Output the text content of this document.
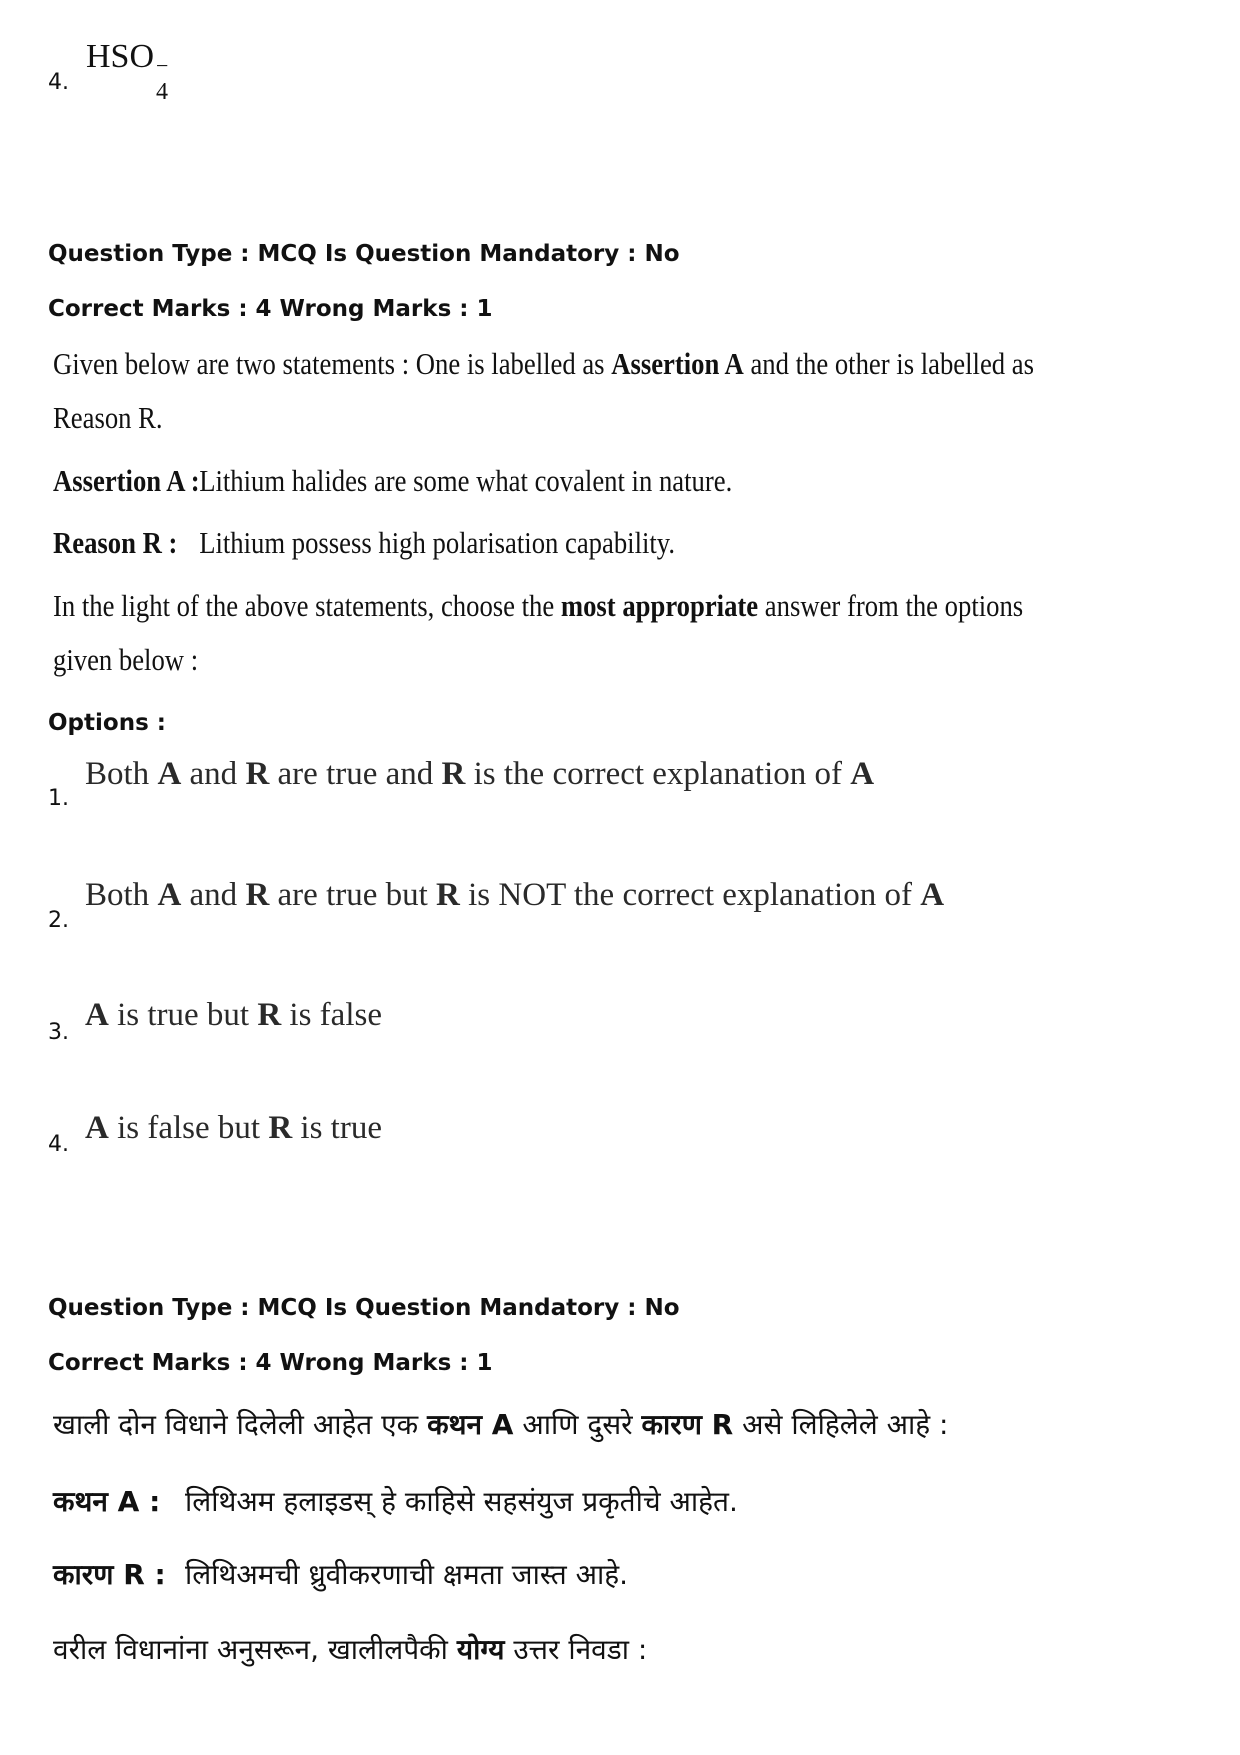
4.
HSO −
4
Question Type : MCQ Is Question Mandatory : No
Correct Marks : 4 Wrong Marks : 1
Given below are two statements : One is labelled as Assertion A and the other is labelled as
Reason R.
Assertion A :Lithium halides are some what covalent in nature.
Reason R : Lithium possess high polarisation capability.
In the light of the above statements, choose the most appropriate answer from the options
given below :
Options :
1.
Both A and R are true and R is the correct explanation of A
2.
Both A and R are true but R is NOT the correct explanation of A
3. A is true but R is false
4. A is false but R is true
Question Type : MCQ Is Question Mandatory : No
Correct Marks : 4 Wrong Marks : 1
खाली दोन विधाने दिलेली आहेत एक कथन A आणि दुसरे कारण R असे लिहिलेले आहे :
कथन A : लिथिअम हलाइडस् हे काहिसे सहसंयुज प्रकृतीचे आहेत.
कारण R : लिथिअमची ध्रुवीकरणाची क्षमता जास्त आहे.
वरील विधानांना अनुसरून, खालीलपैकी योग्य उत्तर निवडा :
